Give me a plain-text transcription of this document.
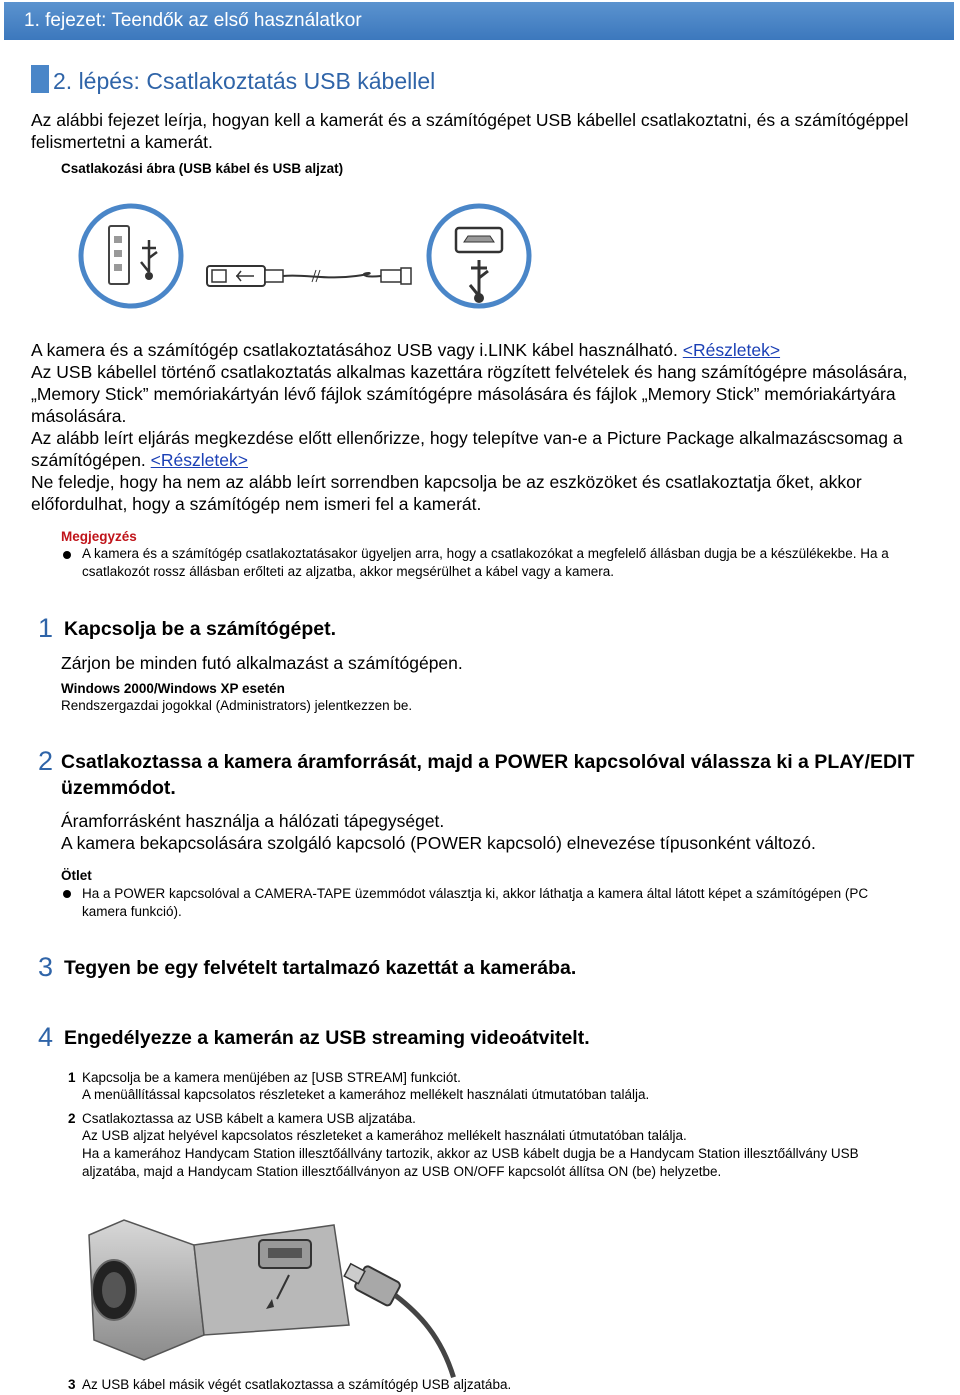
1. fejezet: Teendők az első használatkor
2. lépés: Csatlakoztatás USB kábellel
Az alábbi fejezet leírja, hogyan kell a kamerát és a számítógépet USB kábellel csatlakoztatni, és a számítógéppel felismertetni a kamerát.
Csatlakozási ábra (USB kábel és USB aljzat)
A kamera és a számítógép csatlakoztatásához USB vagy i.LINK kábel használható. <Részletek>
Az USB kábellel történő csatlakoztatás alkalmas kazettára rögzített felvételek és hang számítógépre másolására, „Memory Stick” memóriakártyán lévő fájlok számítógépre másolására és fájlok „Memory Stick” memóriakártyára másolására.
Az alább leírt eljárás megkezdése előtt ellenőrizze, hogy telepítve van-e a Picture Package alkalmazáscsomag a számítógépen. <Részletek>
Ne feledje, hogy ha nem az alább leírt sorrendben kapcsolja be az eszközöket és csatlakoztatja őket, akkor előfordulhat, hogy a számítógép nem ismeri fel a kamerát.
Megjegyzés
A kamera és a számítógép csatlakoztatásakor ügyeljen arra, hogy a csatlakozókat a megfelelő állásban dugja be a készülékekbe. Ha a csatlakozót rossz állásban erőlteti az aljzatba, akkor megsérülhet a kábel vagy a kamera.
1 Kapcsolja be a számítógépet.
Zárjon be minden futó alkalmazást a számítógépen.
Windows 2000/Windows XP esetén
Rendszergazdai jogokkal (Administrators) jelentkezzen be.
2 Csatlakoztassa a kamera áramforrását, majd a POWER kapcsolóval válassza ki a PLAY/EDIT üzemmódot.
Áramforrásként használja a hálózati tápegységet.
A kamera bekapcsolására szolgáló kapcsoló (POWER kapcsoló) elnevezése típusonként változó.
Ötlet
Ha a POWER kapcsolóval a CAMERA-TAPE üzemmódot választja ki, akkor láthatja a kamera által látott képet a számítógépen (PC kamera funkció).
3 Tegyen be egy felvételt tartalmazó kazettát a kamerába.
4 Engedélyezze a kamerán az USB streaming videoátvitelt.
1 Kapcsolja be a kamera menüjében az [USB STREAM] funkciót.
A menüâllítással kapcsolatos részleteket a kamerához mellékelt használati útmutatóban találja.
2 Csatlakoztassa az USB kábelt a kamera USB aljzatába.
Az USB aljzat helyével kapcsolatos részleteket a kamerához mellékelt használati útmutatóban találja.
Ha a kamerához Handycam Station illesztőállvány tartozik, akkor az USB kábelt dugja be a Handycam Station illesztőállvány USB aljzatába, majd a Handycam Station illesztőállványon az USB ON/OFF kapcsolót állítsa ON (be) helyzetbe.
3 Az USB kábel másik végét csatlakoztassa a számítógép USB aljzatába.
